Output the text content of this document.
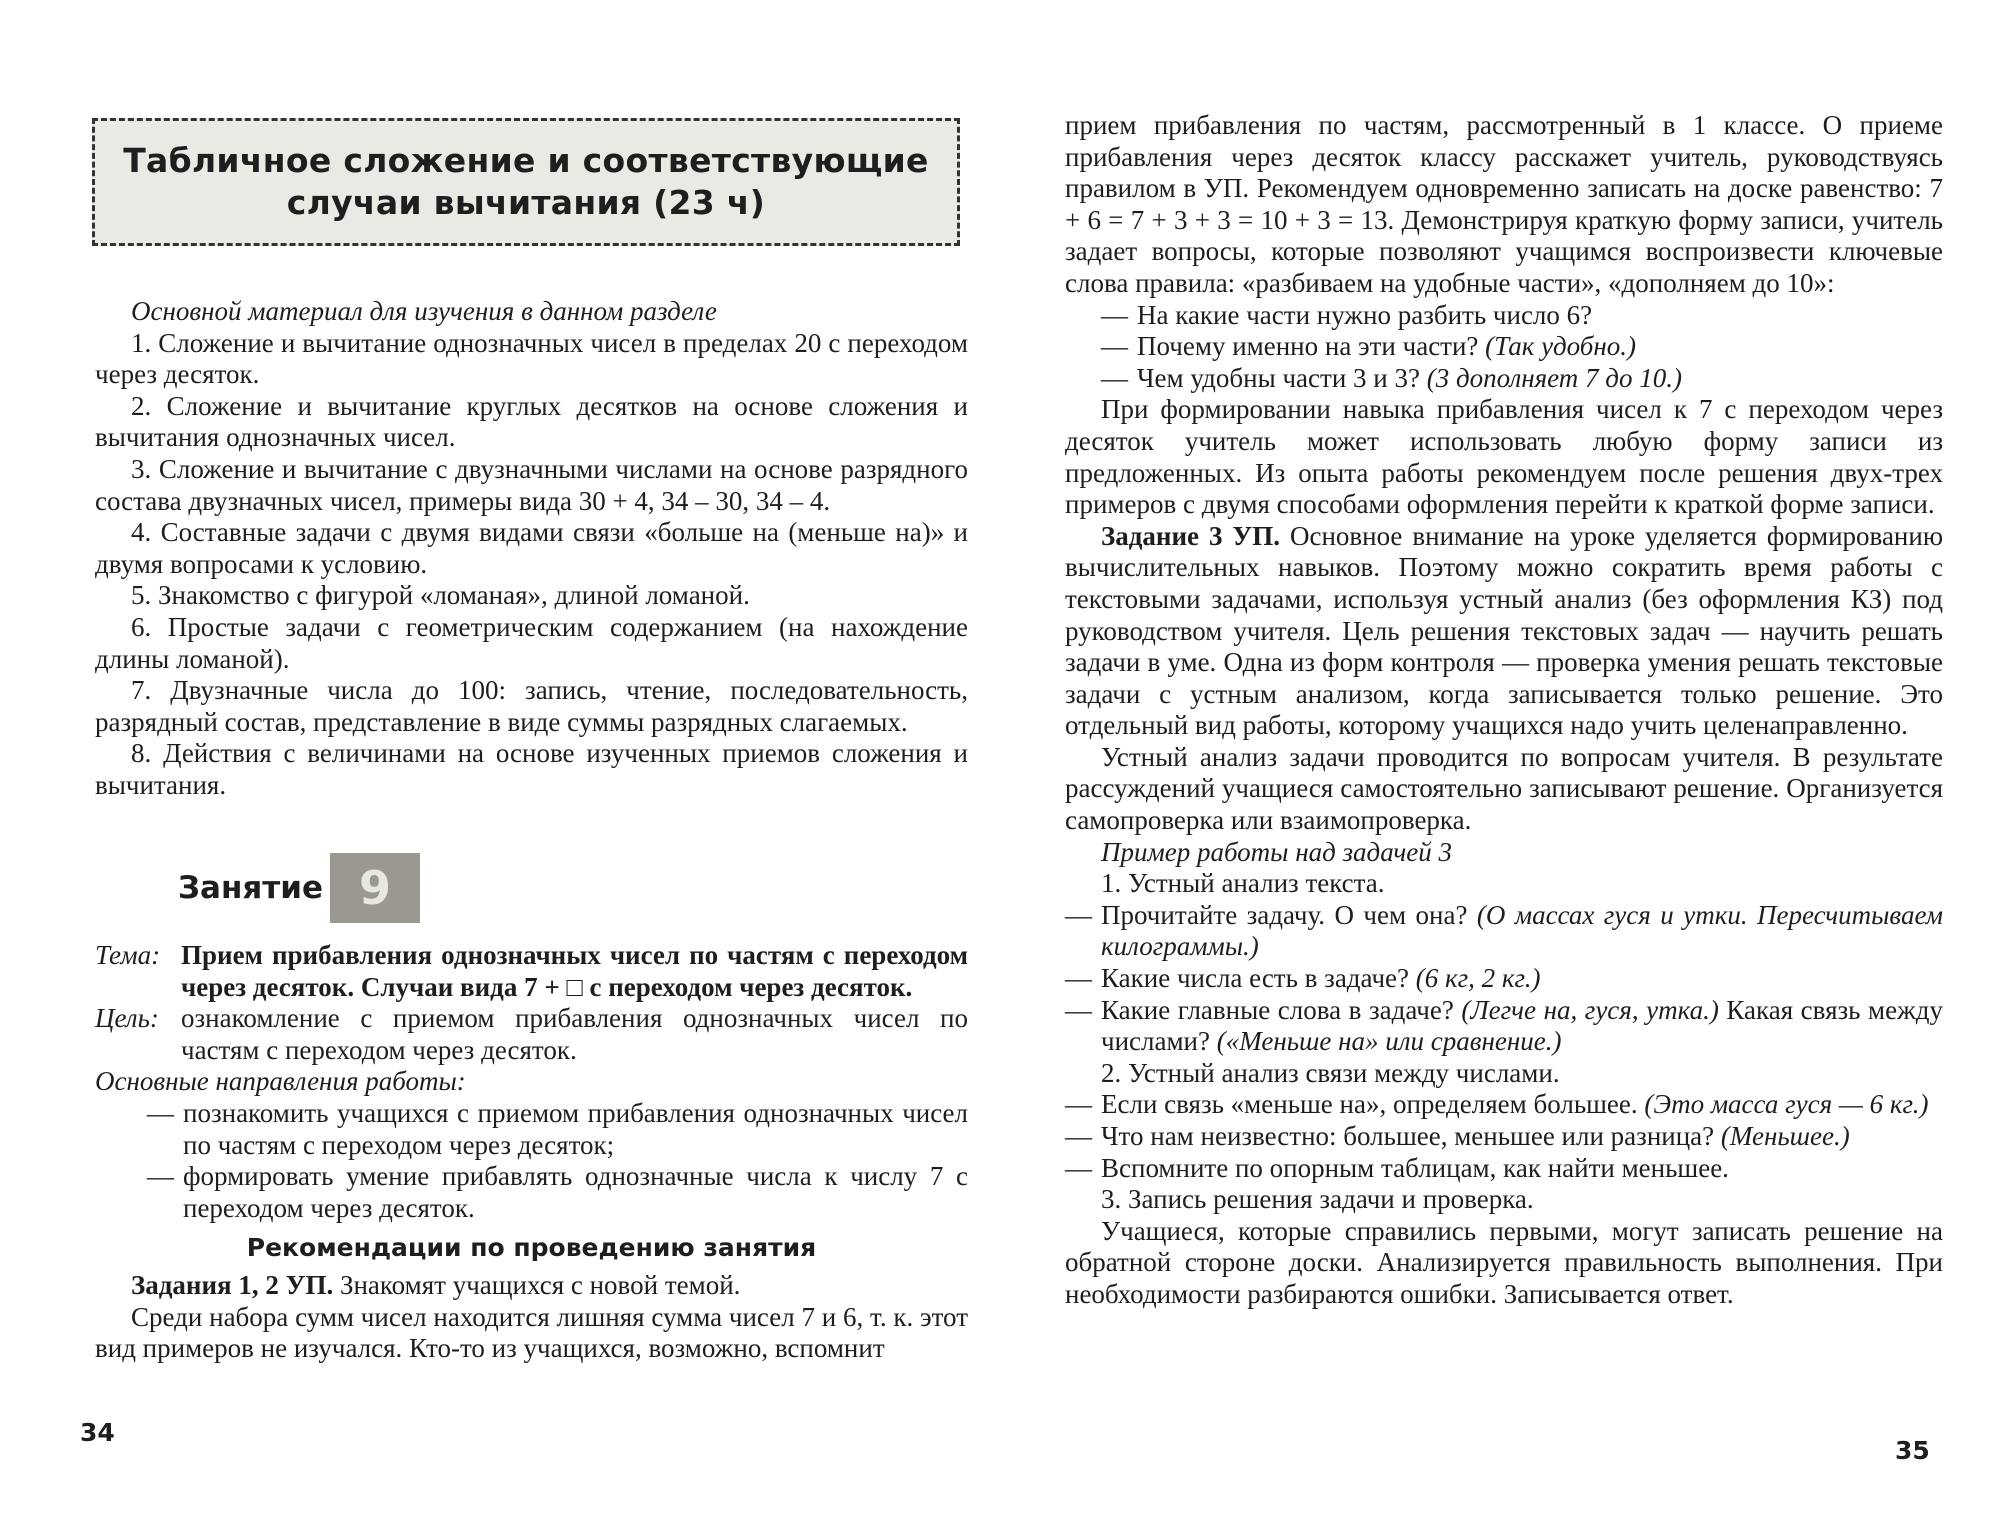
Табличное сложение и соответствующие
случаи вычитания (23 ч)

Основной материал для изучения в данном разделе

1. Сложение и вычитание однозначных чисел в пределах 20 с переходом через десяток.

2. Сложение и вычитание круглых десятков на основе сложения и вычитания однозначных чисел.

3. Сложение и вычитание с двузначными числами на основе разрядного состава двузначных чисел, примеры вида 30 + 4, 34 – 30, 34 – 4.

4. Составные задачи с двумя видами связи «больше на (меньше на)» и двумя вопросами к условию.

5. Знакомство с фигурой «ломаная», длиной ломаной.

6. Простые задачи с геометрическим содержанием (на нахождение длины ломаной).

7. Двузначные числа до 100: запись, чтение, последовательность, разрядный состав, представление в виде суммы разрядных слагаемых.

8. Действия с величинами на основе изученных приемов сложения и вычитания.

Занятие 9
Тема: Прием прибавления однозначных чисел по частям с переходом через десяток. Случаи вида 7 + □ с переходом через десяток.
Цель: ознакомление с приемом прибавления однозначных чисел по частям с переходом через десяток.

Основные направления работы:

— познакомить учащихся с приемом прибавления однозначных чисел по частям с переходом через десяток;
— формировать умение прибавлять однозначные числа к числу 7 с переходом через десяток.
Рекомендации по проведению занятия

Задания 1, 2 УП. Знакомят учащихся с новой темой.

Среди набора сумм чисел находится лишняя сумма чисел 7 и 6, т. к. этот вид примеров не изучался. Кто-то из учащихся, возможно, вспомнит

34

прием прибавления по частям, рассмотренный в 1 классе. О приеме прибавления через десяток классу расскажет учитель, руководствуясь правилом в УП. Рекомендуем одновременно записать на доске равенство: 7 + 6 = 7 + 3 + 3 = 10 + 3 = 13. Демонстрируя краткую форму записи, учитель задает вопросы, которые позволяют учащимся воспроизвести ключевые слова правила: «разбиваем на удобные части», «дополняем до 10»:

— На какие части нужно разбить число 6?
— Почему именно на эти части? (Так удобно.)
— Чем удобны части 3 и 3? (3 дополняет 7 до 10.)

При формировании навыка прибавления чисел к 7 с переходом через десяток учитель может использовать любую форму записи из предложенных. Из опыта работы рекомендуем после решения двух-трех примеров с двумя способами оформления перейти к краткой форме записи.

Задание 3 УП. Основное внимание на уроке уделяется формированию вычислительных навыков. Поэтому можно сократить время работы с текстовыми задачами, используя устный анализ (без оформления КЗ) под руководством учителя. Цель решения текстовых задач — научить решать задачи в уме. Одна из форм контроля — проверка умения решать текстовые задачи с устным анализом, когда записывается только решение. Это отдельный вид работы, которому учащихся надо учить целенаправленно.

Устный анализ задачи проводится по вопросам учителя. В результате рассуждений учащиеся самостоятельно записывают решение. Организуется самопроверка или взаимопроверка.

Пример работы над задачей 3

1. Устный анализ текста.

— Прочитайте задачу. О чем она? (О массах гуся и утки. Пересчитываем килограммы.)
— Какие числа есть в задаче? (6 кг, 2 кг.)
— Какие главные слова в задаче? (Легче на, гуся, утка.) Какая связь между числами? («Меньше на» или сравнение.)

2. Устный анализ связи между числами.

— Если связь «меньше на», определяем большее. (Это масса гуся — 6 кг.)
— Что нам неизвестно: большее, меньшее или разница? (Меньшее.)
— Вспомните по опорным таблицам, как найти меньшее.

3. Запись решения задачи и проверка.

Учащиеся, которые справились первыми, могут записать решение на обратной стороне доски. Анализируется правильность выполнения. При необходимости разбираются ошибки. Записывается ответ.

35
